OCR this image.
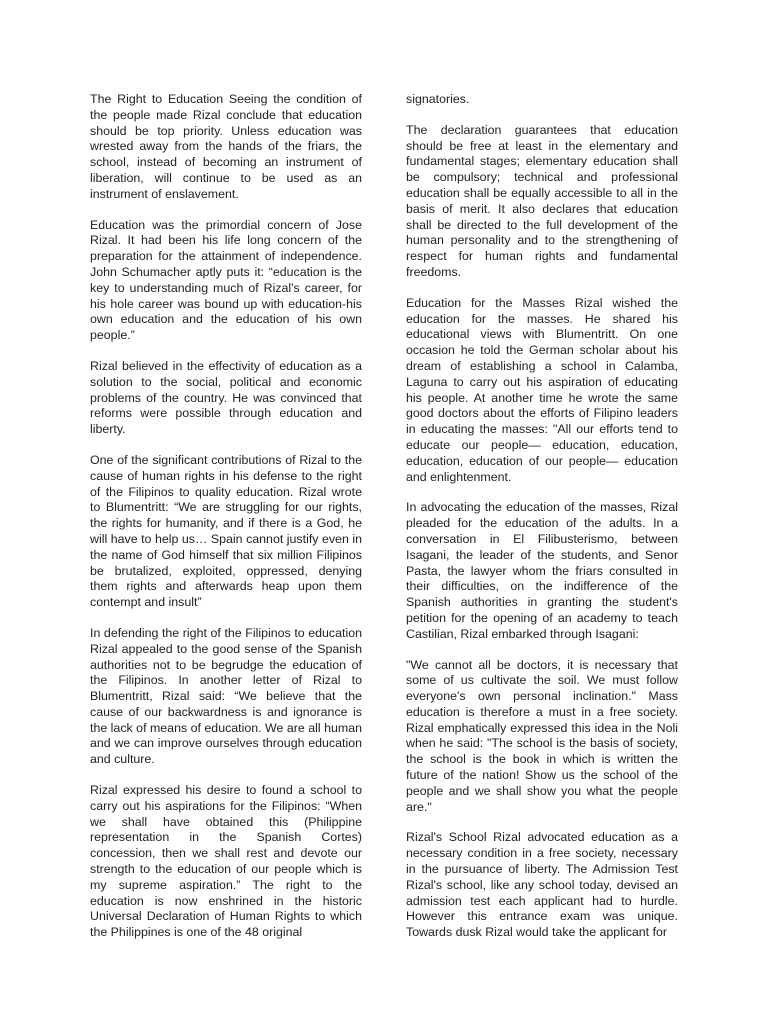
The Right to Education Seeing the condition of the people made Rizal conclude that education should be top priority. Unless education was wrested away from the hands of the friars, the school, instead of becoming an instrument of liberation, will continue to be used as an instrument of enslavement.

Education was the primordial concern of Jose Rizal. It had been his life long concern of the preparation for the attainment of independence. John Schumacher aptly puts it: “education is the key to understanding much of Rizal's career, for his hole career was bound up with education-his own education and the education of his own people.”

Rizal believed in the effectivity of education as a solution to the social, political and economic problems of the country. He was convinced that reforms were possible through education and liberty.

One of the significant contributions of Rizal to the cause of human rights in his defense to the right of the Filipinos to quality education. Rizal wrote to Blumentritt: “We are struggling for our rights, the rights for humanity, and if there is a God, he will have to help us… Spain cannot justify even in the name of God himself that six million Filipinos be brutalized, exploited, oppressed, denying them rights and afterwards heap upon them contempt and insult”

In defending the right of the Filipinos to education Rizal appealed to the good sense of the Spanish authorities not to be begrudge the education of the Filipinos. In another letter of Rizal to Blumentritt, Rizal said: “We believe that the cause of our backwardness is and ignorance is the lack of means of education. We are all human and we can improve ourselves through education and culture.

Rizal expressed his desire to found a school to carry out his aspirations for the Filipinos: “When we shall have obtained this (Philippine representation in the Spanish Cortes) concession, then we shall rest and devote our strength to the education of our people which is my supreme aspiration.” The right to the education is now enshrined in the historic Universal Declaration of Human Rights to which the Philippines is one of the 48 original

signatories.

The declaration guarantees that education should be free at least in the elementary and fundamental stages; elementary education shall be compulsory; technical and professional education shall be equally accessible to all in the basis of merit. It also declares that education shall be directed to the full development of the human personality and to the strengthening of respect for human rights and fundamental freedoms.

Education for the Masses Rizal wished the education for the masses. He shared his educational views with Blumentritt. On one occasion he told the German scholar about his dream of establishing a school in Calamba, Laguna to carry out his aspiration of educating his people. At another time he wrote the same good doctors about the efforts of Filipino leaders in educating the masses: "All our efforts tend to educate our people— education, education, education, education of our people— education and enlightenment.

In advocating the education of the masses, Rizal pleaded for the education of the adults. In a conversation in El Filibusterismo, between Isagani, the leader of the students, and Senor Pasta, the lawyer whom the friars consulted in their difficulties, on the indifference of the Spanish authorities in granting the student's petition for the opening of an academy to teach Castilian, Rizal embarked through Isagani:

"We cannot all be doctors, it is necessary that some of us cultivate the soil. We must follow everyone's own personal inclination." Mass education is therefore a must in a free society. Rizal emphatically expressed this idea in the Noli when he said: "The school is the basis of society, the school is the book in which is written the future of the nation! Show us the school of the people and we shall show you what the people are."

Rizal's School Rizal advocated education as a necessary condition in a free society, necessary in the pursuance of liberty. The Admission Test Rizal's school, like any school today, devised an admission test each applicant had to hurdle. However this entrance exam was unique. Towards dusk Rizal would take the applicant for
